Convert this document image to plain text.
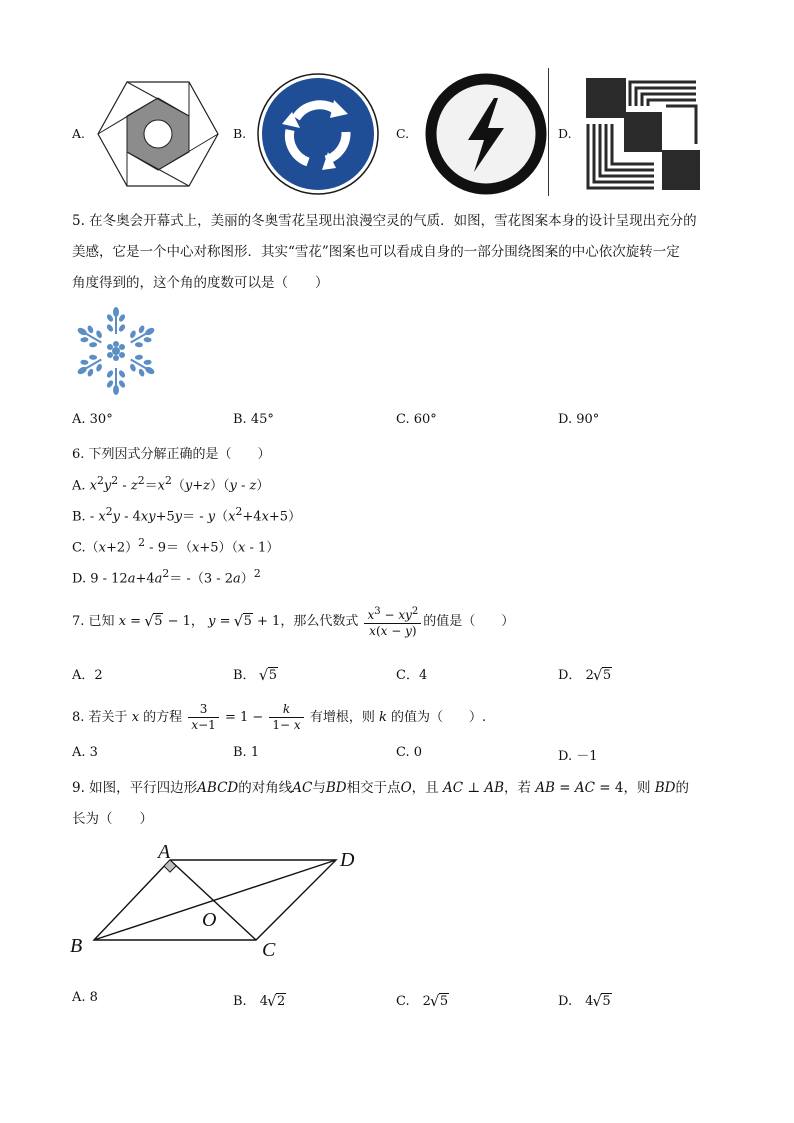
A.	B.	C.	D.
5. 在冬奥会开幕式上，美丽的冬奥雪花呈现出浪漫空灵的气质．如图，雪花图案本身的设计呈现出充分的
美感，它是一个中心对称图形．其实“雪花”图案也可以看成自身的一部分围绕图案的中心依次旋转一定
角度得到的，这个角的度数可以是（　　）
A. 30°	B. 45°	C. 60°	D. 90°
6. 下列因式分解正确的是（　　）
A. $x^2y^2 - z^2=x^2(y+z)(y - z)$
B. - $x^2y - 4xy+5y= - y(x^2+4x+5)$
$C.(x+2)^2 - 9=(x+5)(x - 1)$
D. $9 - 12a+4a^2= -(3 - 2a)^2$
7. 已知 x = √ 5 − 1， y = √ 5 + 1，那么代数式 $\frac{x^3 - xy^2}{x(x - y)}$ 的值是（　　）
A．2	B． √ 5	C．4	D． 2 √ 5
8. 若关于 x 的方程 $\frac{3}{x-1} = 1 - \frac{k}{1- x}$ 有增根，则 k 的值为（　　）.
A. 3	B. 1	C. 0	D. －1
9. 如图，平行四边形ABCD的对角线AC与BD相交于点O，且 AC ⊥ AB，若 AB = AC = 4，则 BD的
长为（　　）
A
B	C
D
O
A. 8	B.　4 √ 2	C.　2 √ 5	D.　4 √ 5
